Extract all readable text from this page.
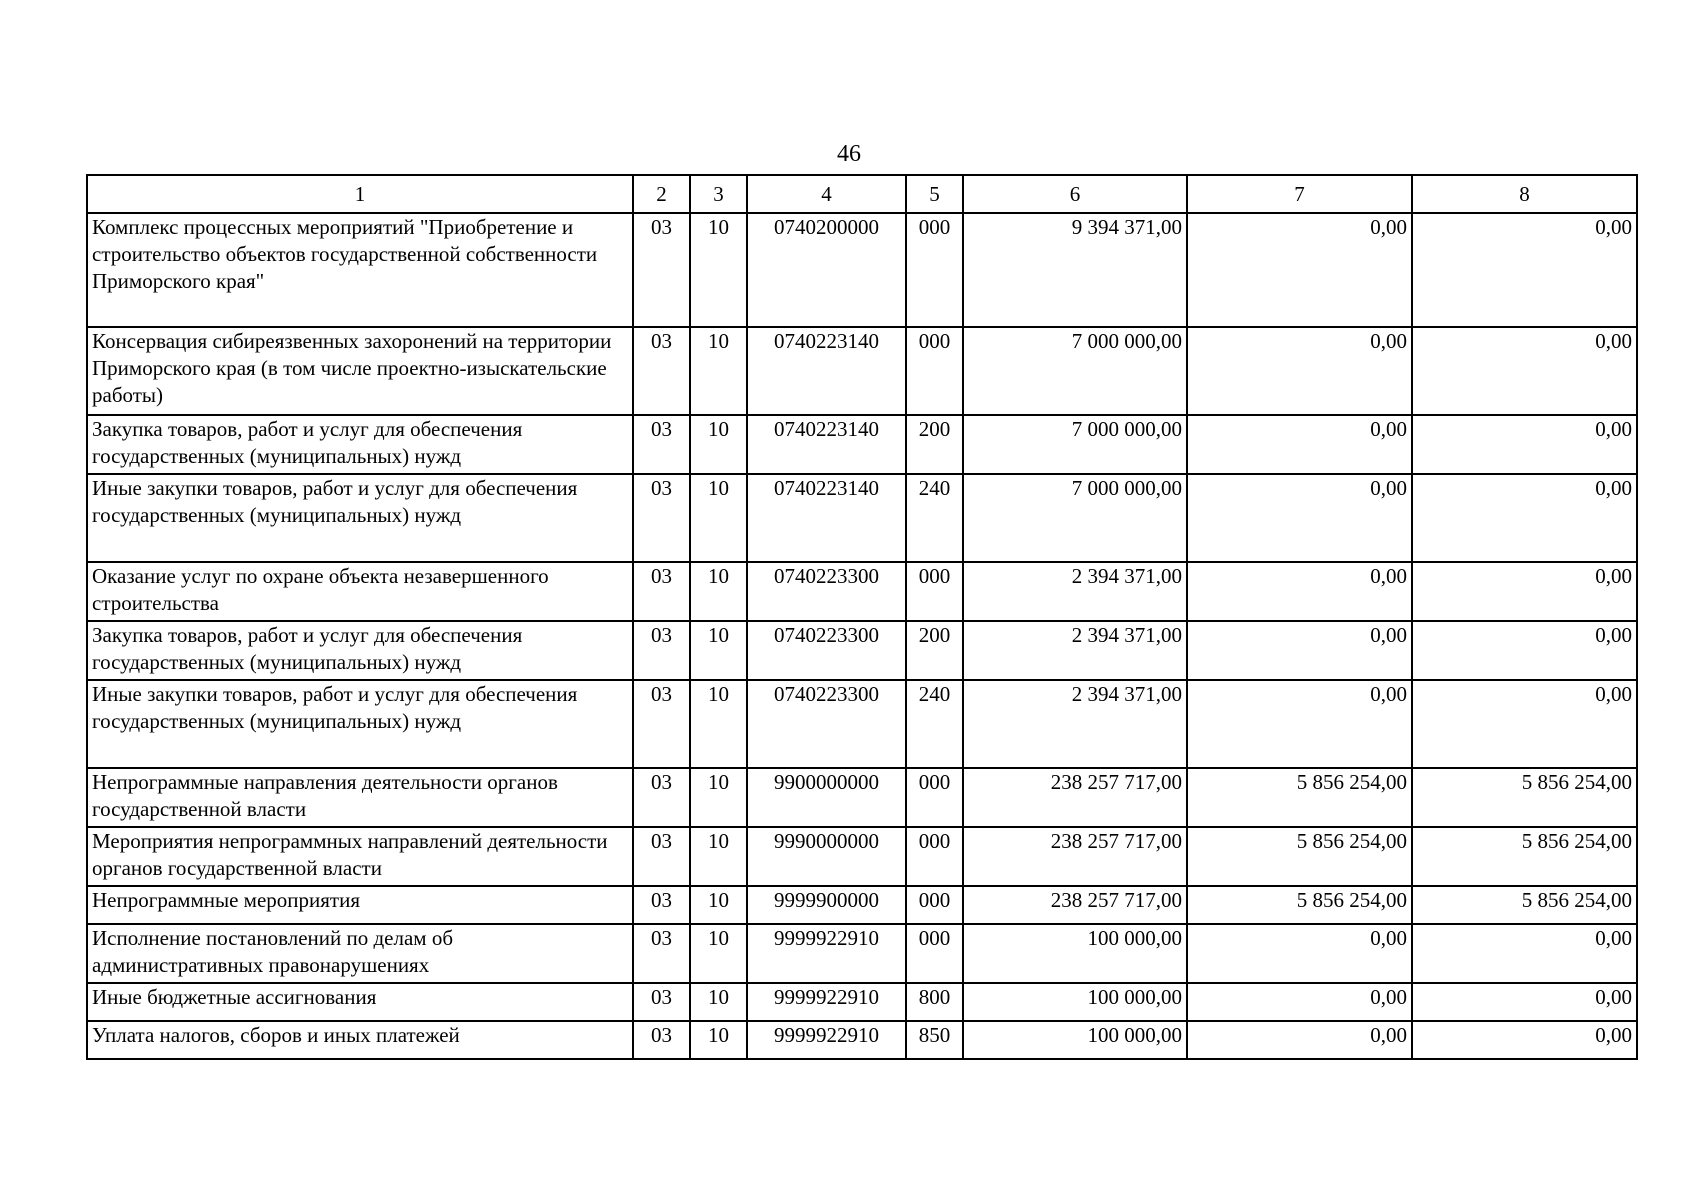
46
1	2	3	4	5	6	7	8
Комплекс процессных мероприятий "Приобретение и строительство объектов государственной собственности Приморского края"	03	10	0740200000	000	9 394 371,00	0,00	0,00
Консервация сибиреязвенных захоронений на территории Приморского края (в том числе проектно-изыскательские работы)	03	10	0740223140	000	7 000 000,00	0,00	0,00
Закупка товаров, работ и услуг для обеспечения государственных (муниципальных) нужд	03	10	0740223140	200	7 000 000,00	0,00	0,00
Иные закупки товаров, работ и услуг для обеспечения государственных (муниципальных) нужд	03	10	0740223140	240	7 000 000,00	0,00	0,00
Оказание услуг по охране объекта незавершенного строительства	03	10	0740223300	000	2 394 371,00	0,00	0,00
Закупка товаров, работ и услуг для обеспечения государственных (муниципальных) нужд	03	10	0740223300	200	2 394 371,00	0,00	0,00
Иные закупки товаров, работ и услуг для обеспечения государственных (муниципальных) нужд	03	10	0740223300	240	2 394 371,00	0,00	0,00
Непрограммные направления деятельности органов государственной власти	03	10	9900000000	000	238 257 717,00	5 856 254,00	5 856 254,00
Мероприятия непрограммных направлений деятельности органов государственной власти	03	10	9990000000	000	238 257 717,00	5 856 254,00	5 856 254,00
Непрограммные мероприятия	03	10	9999900000	000	238 257 717,00	5 856 254,00	5 856 254,00
Исполнение постановлений по делам об административных правонарушениях	03	10	9999922910	000	100 000,00	0,00	0,00
Иные бюджетные ассигнования	03	10	9999922910	800	100 000,00	0,00	0,00
Уплата налогов, сборов и иных платежей	03	10	9999922910	850	100 000,00	0,00	0,00
